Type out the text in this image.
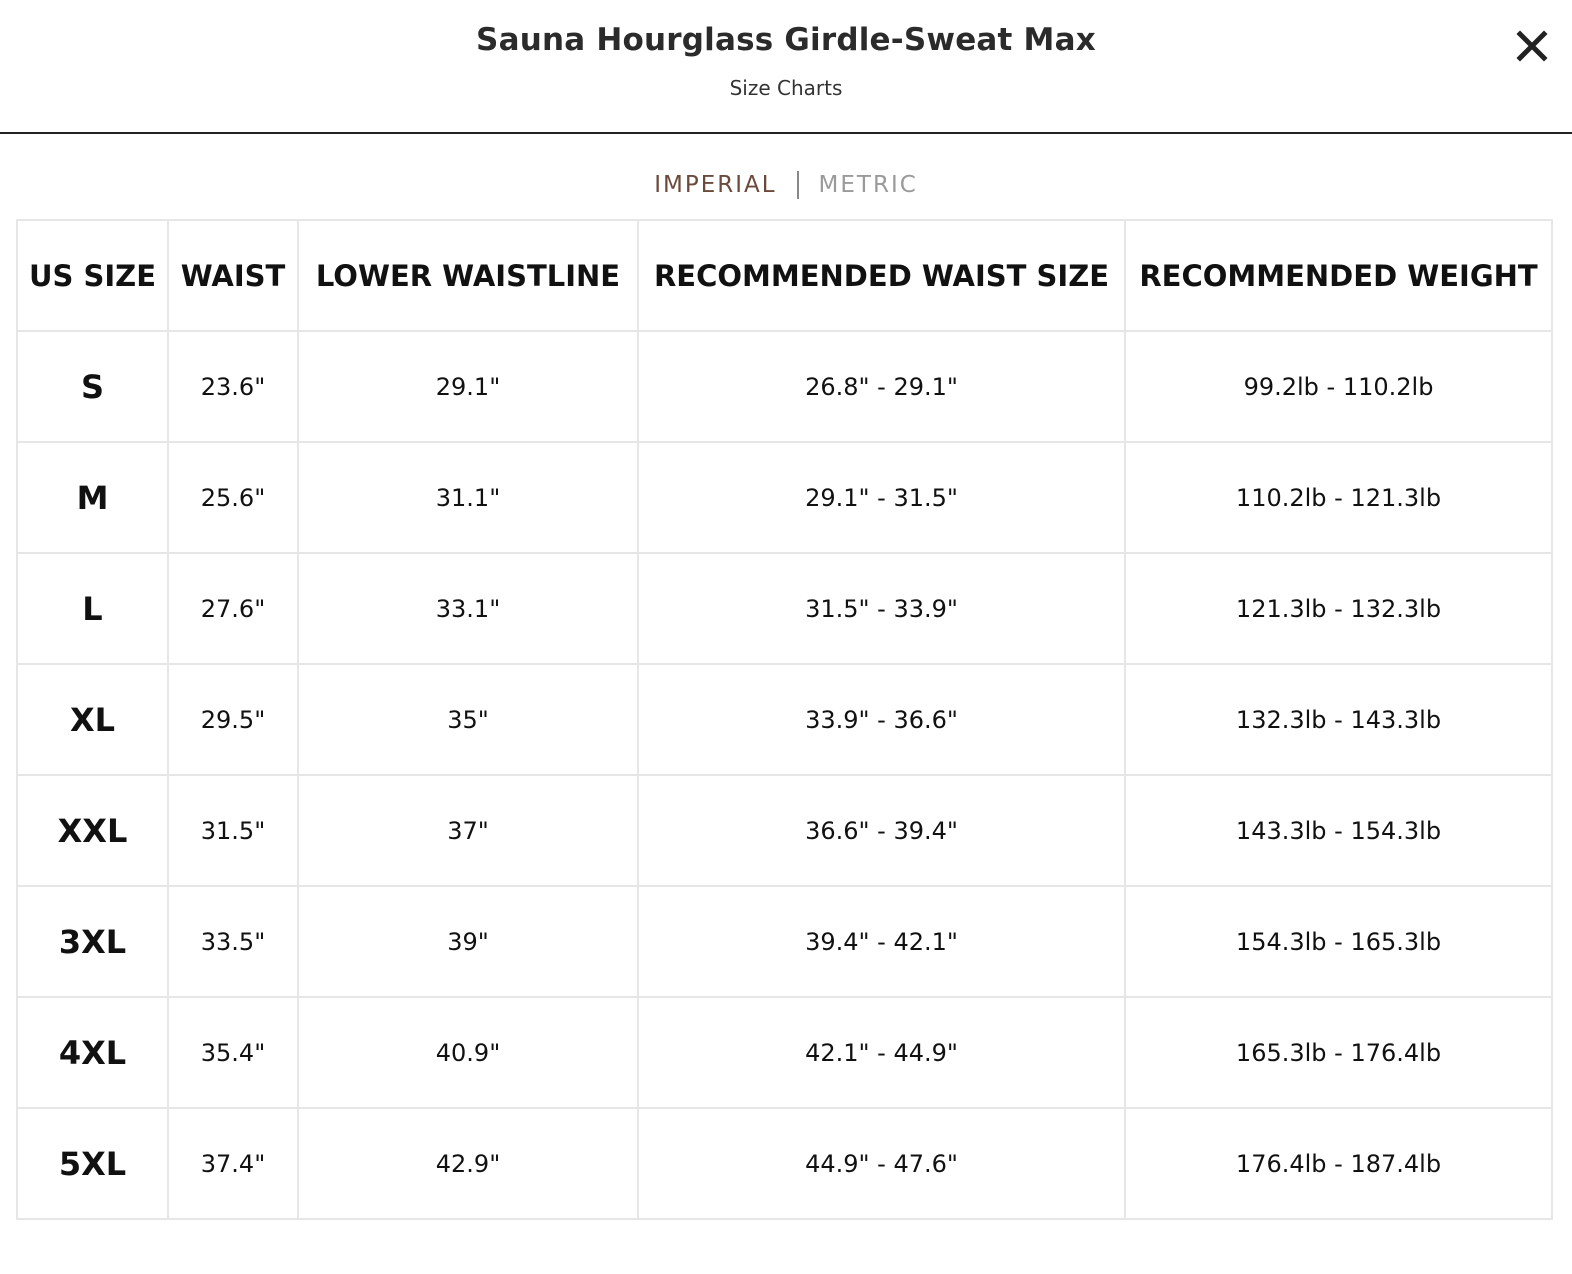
Sauna Hourglass Girdle-Sweat Max
Size Charts
IMPERIAL METRIC
US SIZE	WAIST	LOWER WAISTLINE	RECOMMENDED WAIST SIZE	RECOMMENDED WEIGHT
S	23.6"	29.1"	26.8" - 29.1"	99.2lb - 110.2lb
M	25.6"	31.1"	29.1" - 31.5"	110.2lb - 121.3lb
L	27.6"	33.1"	31.5" - 33.9"	121.3lb - 132.3lb
XL	29.5"	35"	33.9" - 36.6"	132.3lb - 143.3lb
XXL	31.5"	37"	36.6" - 39.4"	143.3lb - 154.3lb
3XL	33.5"	39"	39.4" - 42.1"	154.3lb - 165.3lb
4XL	35.4"	40.9"	42.1" - 44.9"	165.3lb - 176.4lb
5XL	37.4"	42.9"	44.9" - 47.6"	176.4lb - 187.4lb
